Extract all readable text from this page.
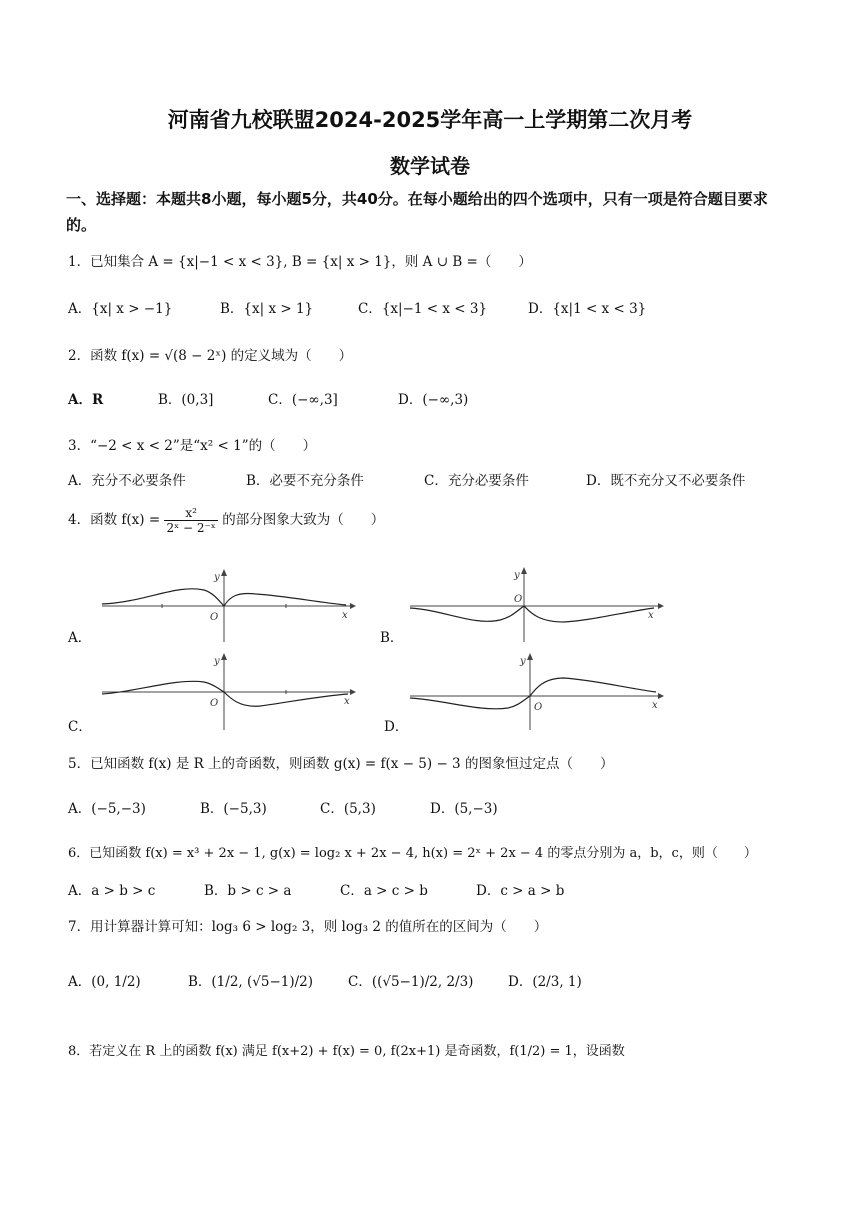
河南省九校联盟2024-2025学年高一上学期第二次月考
数学试卷
一、选择题：本题共8小题，每小题5分，共40分。在每小题给出的四个选项中，只有一项是符合题目要求的。
1．已知集合 A = {x|−1 < x < 3}, B = {x| x > 1}，则 A ∪ B =（　　）
A．{x| x > −1}	B．{x| x > 1}	C．{x|−1 < x < 3}	D．{x|1 < x < 3}
2．函数 f(x) = √(8 − 2ˣ) 的定义域为（　　）
A．R	B．(0,3]	C．(−∞,3]	D．(−∞,3)
3．“−2 < x < 2”是“x² < 1”的（　　）
A．充分不必要条件	B．必要不充分条件	C．充分必要条件	D．既不充分又不必要条件
4．函数 $f(x) = \frac{\text{x²}}{\text{2ˣ − 2⁻ˣ}}$ 的部分图象大致为（　　）
A．
y
O	x
B．
y
O
x
C．
y
O	x
D．
y
O	x
5．已知函数 f(x) 是 R 上的奇函数，则函数 g(x) = f(x − 5) − 3 的图象恒过定点（　　）
A．(−5,−3)	B．(−5,3)	C．(5,3)	D．(5,−3)
6．已知函数 f(x) = x³ + 2x − 1, g(x) = log₂ x + 2x − 4, h(x) = 2ˣ + 2x − 4 的零点分别为 a，b，c，则（　　）
A．a > b > c	B．b > c > a	C．a > c > b	D．c > a > b
7．用计算器计算可知：log₃ 6 > log₂ 3，则 log₃ 2 的值所在的区间为（　　）
A．(0, 1/2)	B．(1/2, (√5−1)/2)	C．((√5−1)/2, 2/3)	D．(2/3, 1)
8．若定义在 R 上的函数 f(x) 满足 f(x+2) + f(x) = 0, f(2x+1) 是奇函数，f(1/2) = 1，设函数
